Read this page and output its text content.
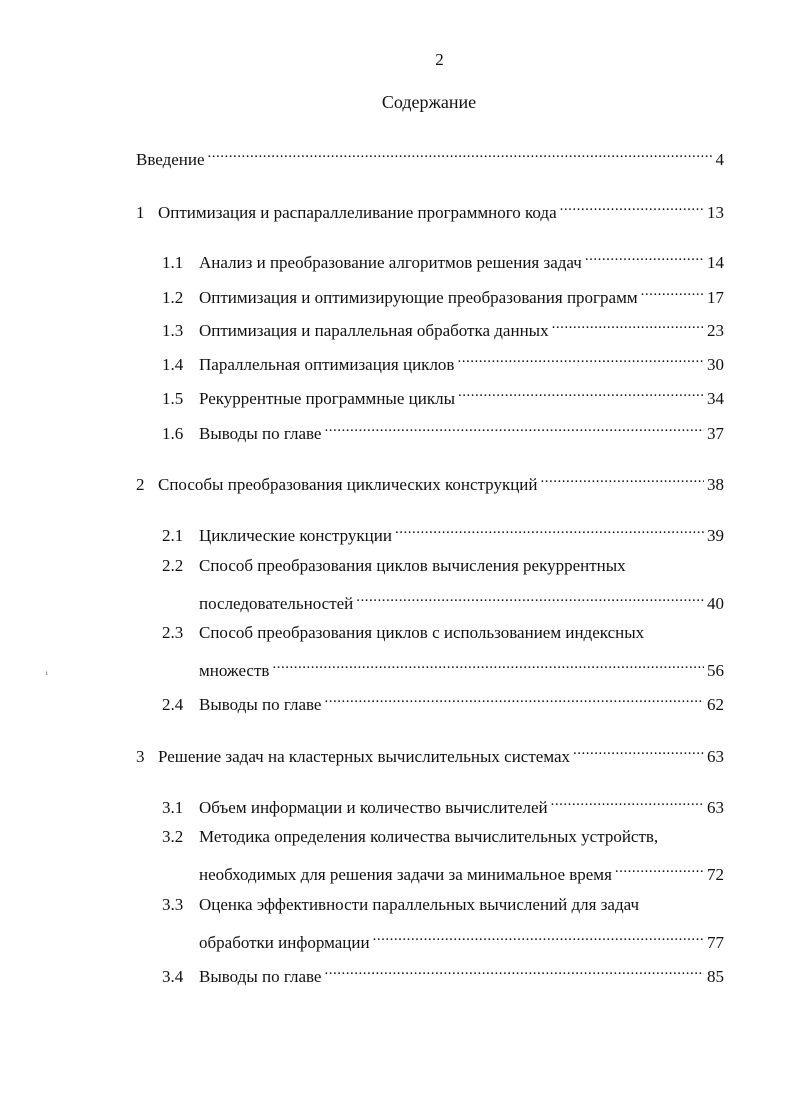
2
Содержание
Введение .....	4
1 Оптимизация и распараллеливание программного кода .....	13
1.1 Анализ и преобразование алгоритмов решения задач .....	14
1.2 Оптимизация и оптимизирующие преобразования программ .....	17
1.3 Оптимизация и параллельная обработка данных .....	23
1.4 Параллельная оптимизация циклов .....	30
1.5 Рекуррентные программные циклы .....	34
1.6 Выводы по главе .....	37
2 Способы преобразования циклических конструкций .....	38
2.1 Циклические конструкции .....	39
2.2 Способ преобразования циклов вычисления рекуррентных
последовательностей .....	40
2.3 Способ преобразования циклов с использованием индексных
множеств .....	56
2.4 Выводы по главе .....	62
3 Решение задач на кластерных вычислительных системах .....	63
3.1 Объем информации и количество вычислителей .....	63
3.2 Методика определения количества вычислительных устройств,
необходимых для решения задачи за минимальное время .....	72
3.3 Оценка эффективности параллельных вычислений для задач
обработки информации .....	77
3.4 Выводы по главе .....	85
ᵢ
